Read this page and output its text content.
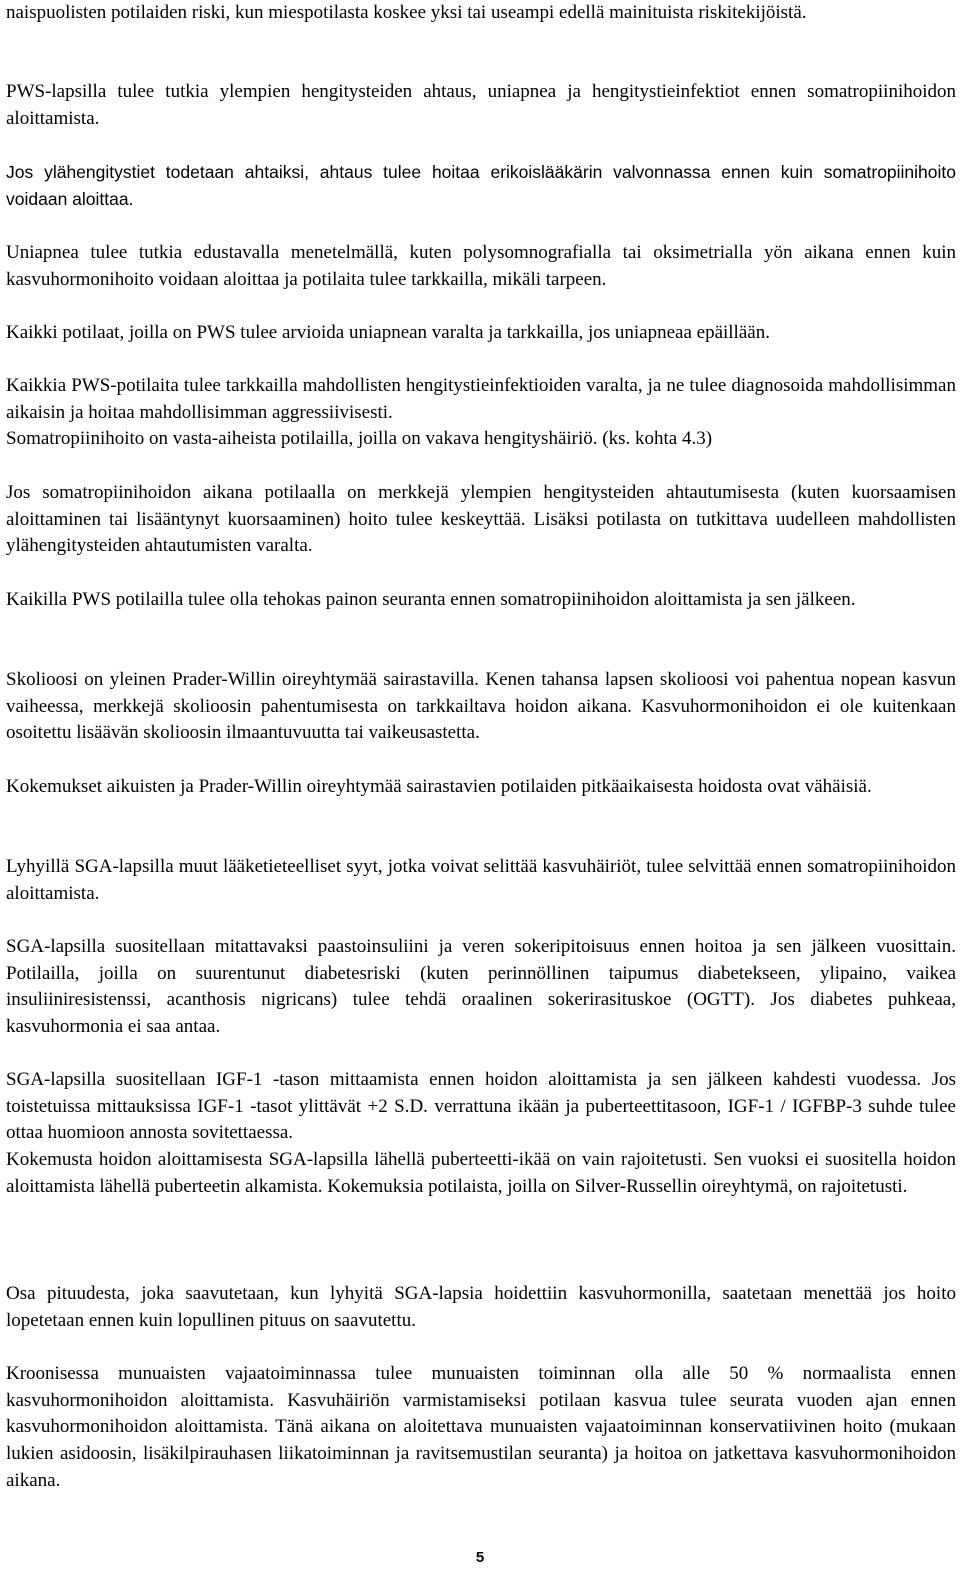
naispuolisten potilaiden riski, kun miespotilasta koskee yksi tai useampi edellä mainituista riskitekijöistä.

PWS-lapsilla tulee tutkia ylempien hengitysteiden ahtaus, uniapnea ja hengitystieinfektiot ennen somatropiinihoidon aloittamista.

Jos ylähengitystiet todetaan ahtaiksi, ahtaus tulee hoitaa erikoislääkärin valvonnassa ennen kuin somatropiinihoito voidaan aloittaa.

Uniapnea tulee tutkia edustavalla menetelmällä, kuten polysomnografialla tai oksimetrialla yön aikana ennen kuin kasvuhormonihoito voidaan aloittaa ja potilaita tulee tarkkailla, mikäli tarpeen.

Kaikki potilaat, joilla on PWS tulee arvioida uniapnean varalta ja tarkkailla, jos uniapneaa epäillään.

Kaikkia PWS-potilaita tulee tarkkailla mahdollisten hengitystieinfektioiden varalta, ja ne tulee diagnosoida mahdollisimman aikaisin ja hoitaa mahdollisimman aggressiivisesti.

Somatropiinihoito on vasta-aiheista potilailla, joilla on vakava hengityshäiriö. (ks. kohta 4.3)

Jos somatropiinihoidon aikana potilaalla on merkkejä ylempien hengitysteiden ahtautumisesta (kuten kuorsaamisen aloittaminen tai lisääntynyt kuorsaaminen) hoito tulee keskeyttää. Lisäksi potilasta on tutkittava uudelleen mahdollisten ylähengitysteiden ahtautumisten varalta.

Kaikilla PWS potilailla tulee olla tehokas painon seuranta ennen somatropiinihoidon aloittamista ja sen jälkeen.

Skolioosi on yleinen Prader-Willin oireyhtymää sairastavilla. Kenen tahansa lapsen skolioosi voi pahentua nopean kasvun vaiheessa, merkkejä skolioosin pahentumisesta on tarkkailtava hoidon aikana. Kasvuhormonihoidon ei ole kuitenkaan osoitettu lisäävän skolioosin ilmaantuvuutta tai vaikeusastetta.

Kokemukset aikuisten ja Prader-Willin oireyhtymää sairastavien potilaiden pitkäaikaisesta hoidosta ovat vähäisiä.

Lyhyillä SGA-lapsilla muut lääketieteelliset syyt, jotka voivat selittää kasvuhäiriöt, tulee selvittää ennen somatropiinihoidon aloittamista.

SGA-lapsilla suositellaan mitattavaksi paastoinsuliini ja veren sokeripitoisuus ennen hoitoa ja sen jälkeen vuosittain. Potilailla, joilla on suurentunut diabetesriski (kuten perinnöllinen taipumus diabetekseen, ylipaino, vaikea insuliiniresistenssi, acanthosis nigricans) tulee tehdä oraalinen sokerirasituskoe (OGTT). Jos diabetes puhkeaa, kasvuhormonia ei saa antaa.

SGA-lapsilla suositellaan IGF-1 -tason mittaamista ennen hoidon aloittamista ja sen jälkeen kahdesti vuodessa. Jos toistetuissa mittauksissa IGF-1 -tasot ylittävät +2 S.D. verrattuna ikään ja puberteettitasoon, IGF-1 / IGFBP-3 suhde tulee ottaa huomioon annosta sovitettaessa.

Kokemusta hoidon aloittamisesta SGA-lapsilla lähellä puberteetti-ikää on vain rajoitetusti. Sen vuoksi ei suositella hoidon aloittamista lähellä puberteetin alkamista. Kokemuksia potilaista, joilla on Silver-Russellin oireyhtymä, on rajoitetusti.

Osa pituudesta, joka saavutetaan, kun lyhyitä SGA-lapsia hoidettiin kasvuhormonilla, saatetaan menettää jos hoito lopetetaan ennen kuin lopullinen pituus on saavutettu.

Kroonisessa munuaisten vajaatoiminnassa tulee munuaisten toiminnan olla alle 50 % normaalista ennen kasvuhormonihoidon aloittamista. Kasvuhäiriön varmistamiseksi potilaan kasvua tulee seurata vuoden ajan ennen kasvuhormonihoidon aloittamista. Tänä aikana on aloitettava munuaisten vajaatoiminnan konservatiivinen hoito (mukaan lukien asidoosin, lisäkilpirauhasen liikatoiminnan ja ravitsemustilan seuranta) ja hoitoa on jatkettava kasvuhormonihoidon aikana.

5
